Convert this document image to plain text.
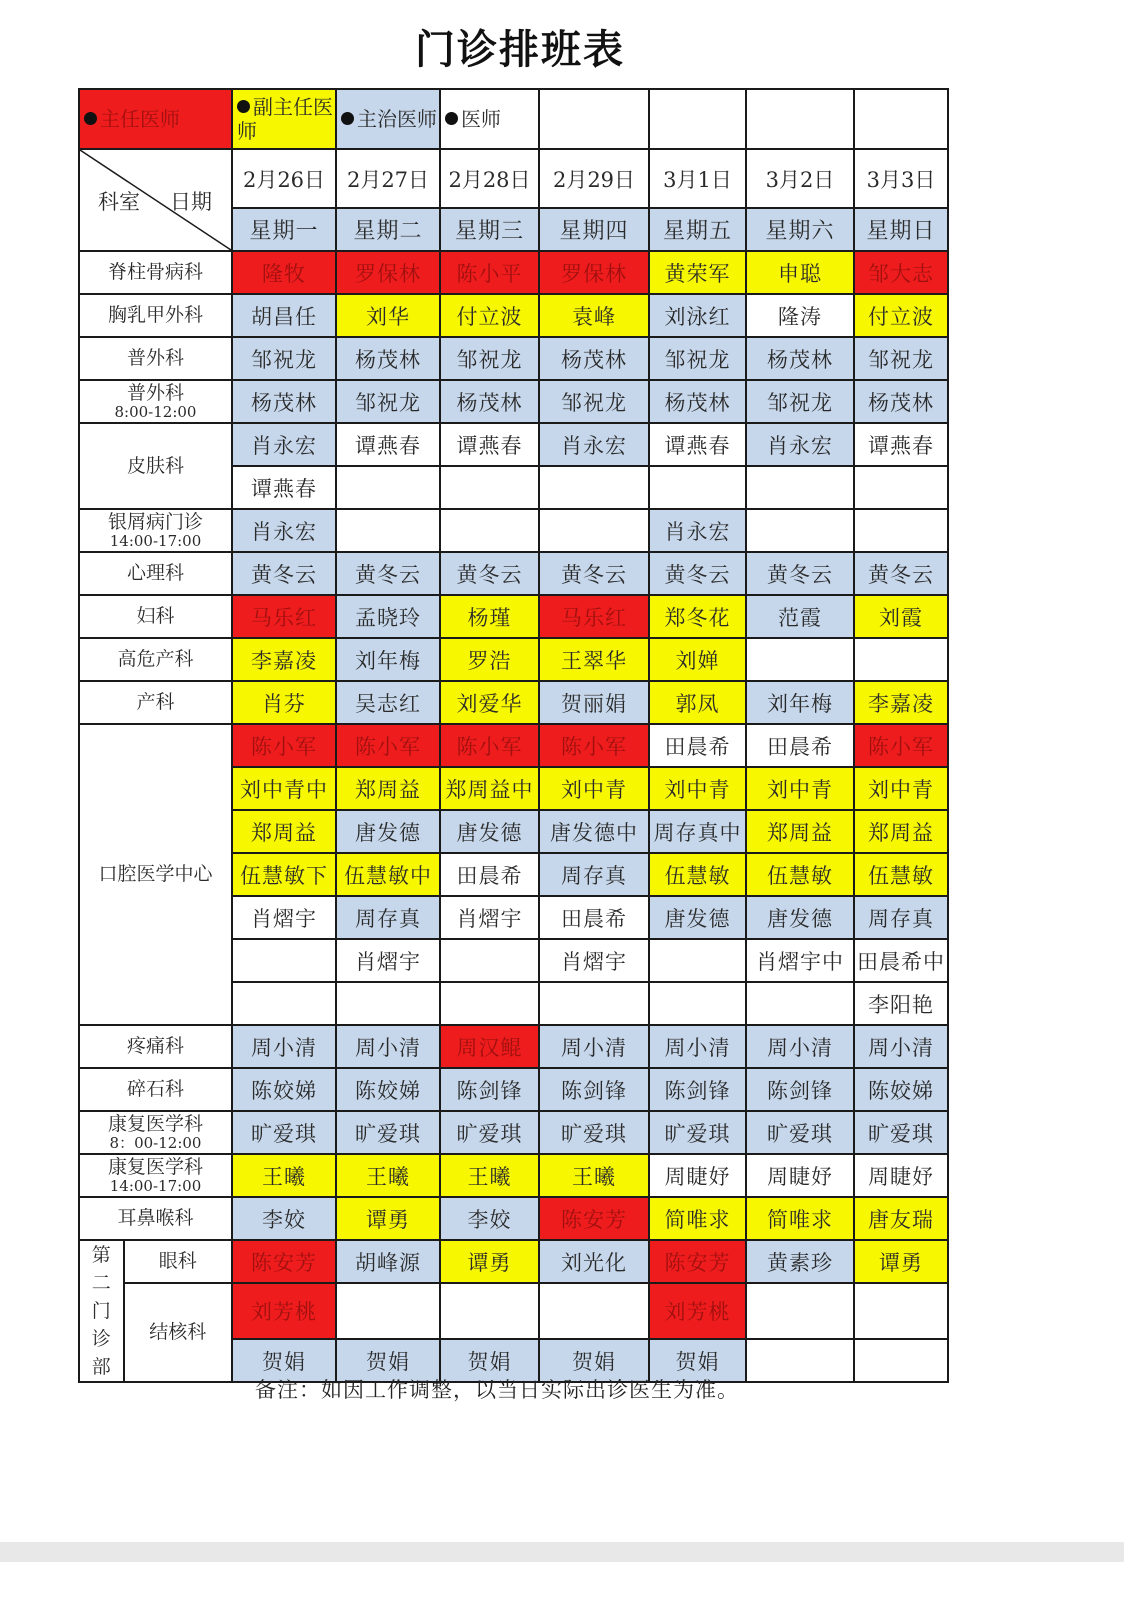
门诊排班表
主任医师		副主任医师	主治医师	医师				

科室 日期		2月26日	2月27日	2月28日	2月29日	3月1日	3月2日	3月3日
		星期一	星期二	星期三	星期四	星期五	星期六	星期日
脊柱骨病科		隆牧	罗保林	陈小平	罗保林	黄荣军	申聪	邹大志
胸乳甲外科		胡昌任	刘华	付立波	袁峰	刘泳红	隆涛	付立波
普外科		邹祝龙	杨茂林	邹祝龙	杨茂林	邹祝龙	杨茂林	邹祝龙
普外科
8:00-12:00		杨茂林	邹祝龙	杨茂林	邹祝龙	杨茂林	邹祝龙	杨茂林
皮肤科		肖永宏	谭燕春	谭燕春	肖永宏	谭燕春	肖永宏	谭燕春
		谭燕春						
银屑病门诊
14:00-17:00		肖永宏				肖永宏		
心理科		黄冬云	黄冬云	黄冬云	黄冬云	黄冬云	黄冬云	黄冬云
妇科		马乐红	孟晓玲	杨瑾	马乐红	郑冬花	范霞	刘霞
高危产科		李嘉凌	刘年梅	罗浩	王翠华	刘婵		
产科		肖芬	吴志红	刘爱华	贺丽娟	郭凤	刘年梅	李嘉凌
口腔医学中心		陈小军	陈小军	陈小军	陈小军	田晨希	田晨希	陈小军
		刘中青中	郑周益	郑周益中	刘中青	刘中青	刘中青	刘中青
		郑周益	唐发德	唐发德	唐发德中	周存真中	郑周益	郑周益
		伍慧敏下	伍慧敏中	田晨希	周存真	伍慧敏	伍慧敏	伍慧敏
		肖熠宇	周存真	肖熠宇	田晨希	唐发德	唐发德	周存真
			肖熠宇		肖熠宇		肖熠宇中	田晨希中
								李阳艳
疼痛科		周小清	周小清	周汉鲲	周小清	周小清	周小清	周小清
碎石科		陈姣娣	陈姣娣	陈剑锋	陈剑锋	陈剑锋	陈剑锋	陈姣娣
康复医学科
8：00-12:00		旷爱琪	旷爱琪	旷爱琪	旷爱琪	旷爱琪	旷爱琪	旷爱琪
康复医学科
14:00-17:00		王曦	王曦	王曦	王曦	周睫妤	周睫妤	周睫妤
耳鼻喉科		李姣	谭勇	李姣	陈安芳	简唯求	简唯求	唐友瑞

第二门诊部	眼科	陈安芳	胡峰源	谭勇	刘光化	陈安芳	黄素珍	谭勇
	结核科	刘芳桃				刘芳桃		
		贺娟	贺娟	贺娟	贺娟	贺娟		
备注：如因工作调整，以当日实际出诊医生为准。
